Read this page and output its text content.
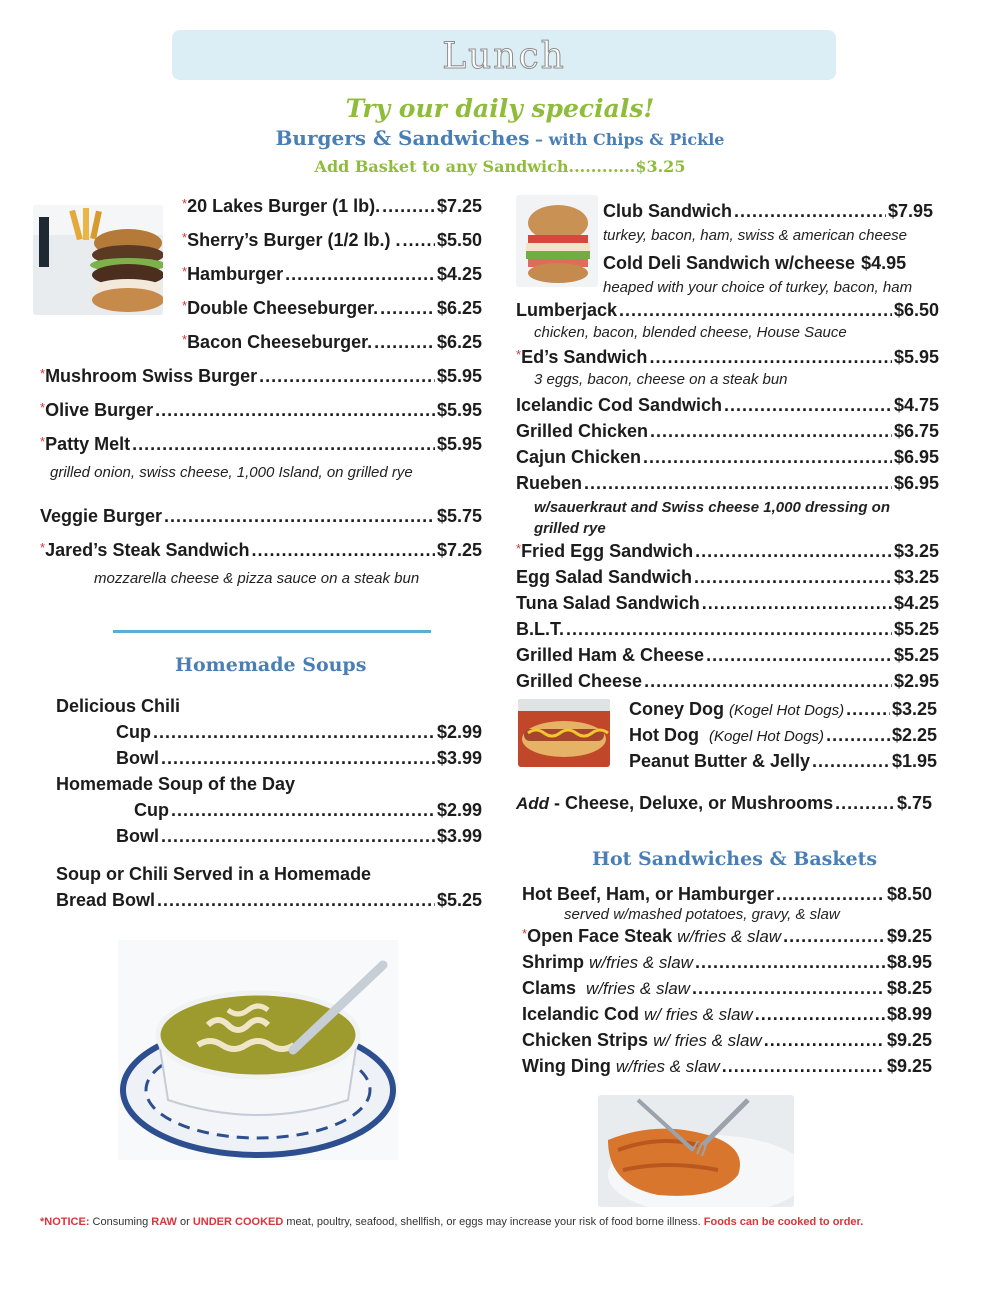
Lunch
Try our daily specials!
Burgers & Sandwiches – with Chips & Pickle
Add Basket to any Sandwich............$3.25
*20 Lakes Burger (1 lb). .....	$7.25
*Sherry’s Burger (1/2 lb.) . ..... $5.50
*Hamburger .....	$4.25
*Double Cheeseburger. .....	$6.25
*Bacon Cheeseburger. .....	$6.25
*Mushroom Swiss Burger .....	$5.95
*Olive Burger .....	$5.95
*Patty Melt .....	$5.95
grilled onion, swiss cheese, 1,000 Island, on grilled rye
Veggie Burger .....	$5.75
*Jared’s Steak Sandwich .....	$7.25
mozzarella cheese & pizza sauce on a steak bun
Homemade Soups
Delicious Chili
Cup .....	$2.99
Bowl .....	$3.99
Homemade Soup of the Day
Cup .....	$2.99
Bowl .....	$3.99
Soup or Chili Served in a Homemade
Bread Bowl .....	$5.25
Club Sandwich .....	$7.95
turkey, bacon, ham, swiss & american cheese
Cold Deli Sandwich w/cheese $4.95
heaped with your choice of turkey, bacon, ham
Lumberjack .....	$6.50
chicken, bacon, blended cheese, House Sauce
*Ed’s Sandwich .....	$5.95
3 eggs, bacon, cheese on a steak bun
Icelandic Cod Sandwich .....	$4.75
Grilled Chicken .....	$6.75
Cajun Chicken .....	$6.95
Rueben .....	$6.95
w/sauerkraut and Swiss cheese 1,000 dressing on
grilled rye
*Fried Egg Sandwich .....	$3.25
Egg Salad Sandwich .....	$3.25
Tuna Salad Sandwich .....	$4.25
B.L.T. .....	$5.25
Grilled Ham & Cheese .....	$5.25
Grilled Cheese .....	$2.95
Coney Dog (Kogel Hot Dogs) .....	$3.25
Hot Dog (Kogel Hot Dogs) .....	$2.25
Peanut Butter & Jelly .....	$1.95
Add - Cheese, Deluxe, or Mushrooms .....	$.75
Hot Sandwiches & Baskets
Hot Beef, Ham, or Hamburger .....	$8.50
served w/mashed potatoes, gravy, & slaw
*Open Face Steak w/fries & slaw .....	$9.25
Shrimp w/fries & slaw .....	$8.95
Clams w/fries & slaw .....	$8.25
Icelandic Cod w/ fries & slaw .....	$8.99
Chicken Strips w/ fries & slaw .....	$9.25
Wing Ding w/fries & slaw .....	$9.25
*NOTICE: Consuming RAW or UNDER COOKED meat, poultry, seafood, shellfish, or eggs may increase your risk of food borne illness. Foods can be cooked to order.
